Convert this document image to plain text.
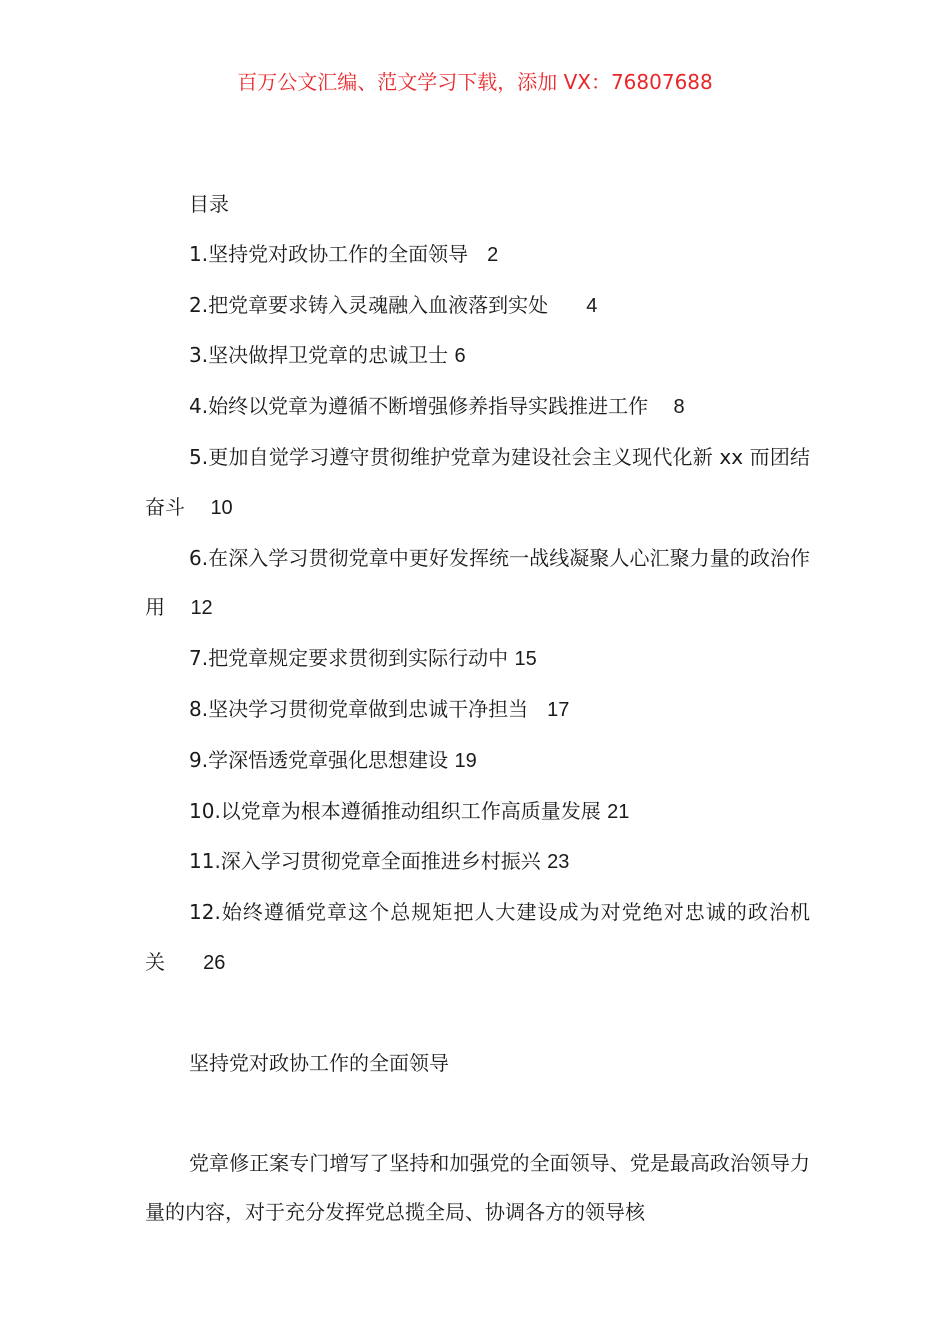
百万公文汇编、范文学习下载，添加 VX：76807688

目录

1.坚持党对政协工作的全面领导 2

2.把党章要求铸入灵魂融入血液落到实处 4

3.坚决做捍卫党章的忠诚卫士 6

4.始终以党章为遵循不断增强修养指导实践推进工作 8

5.更加自觉学习遵守贯彻维护党章为建设社会主义现代化新 xx 而团结奋斗 10

6.在深入学习贯彻党章中更好发挥统一战线凝聚人心汇聚力量的政治作用 12

7.把党章规定要求贯彻到实际行动中 15

8.坚决学习贯彻党章做到忠诚干净担当 17

9.学深悟透党章强化思想建设 19

10.以党章为根本遵循推动组织工作高质量发展 21

11.深入学习贯彻党章全面推进乡村振兴 23

12.始终遵循党章这个总规矩把人大建设成为对党绝对忠诚的政治机关 26

坚持党对政协工作的全面领导

党章修正案专门增写了坚持和加强党的全面领导、党是最高政治领导力量的内容，对于充分发挥党总揽全局、协调各方的领导核
